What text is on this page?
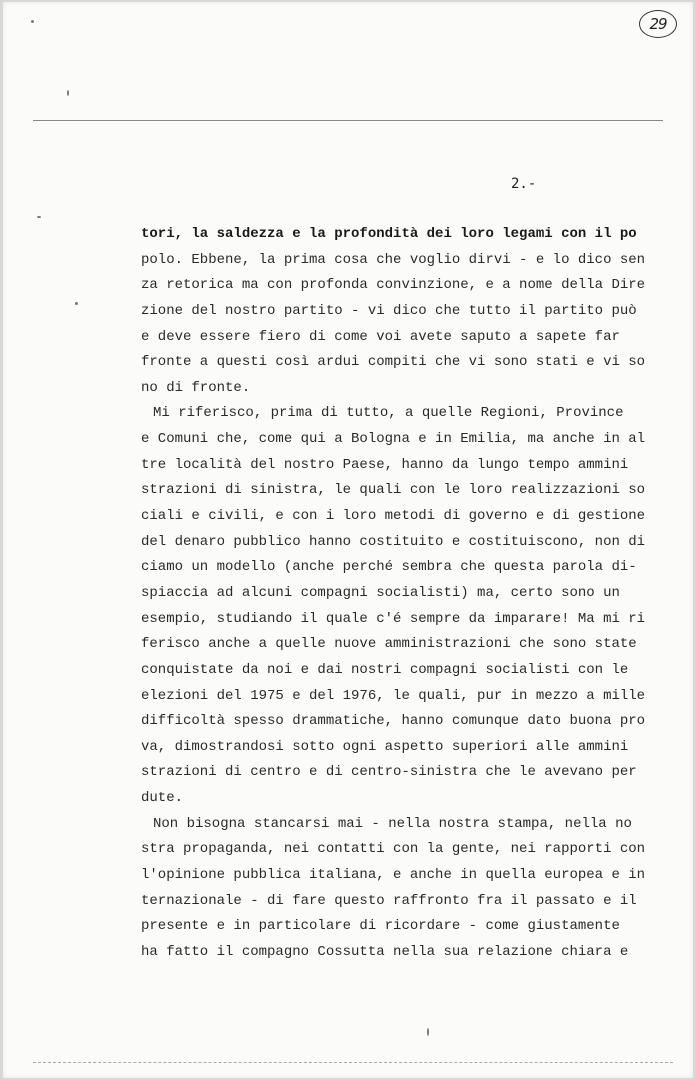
29
2.-
tori, la saldezza e la profondità dei loro legami con il po
polo. Ebbene, la prima cosa che voglio dirvi - e lo dico sen
za retorica ma con profonda convinzione, e a nome della Dire
zione del nostro partito - vi dico che tutto il partito può
e deve essere fiero di come voi avete saputo a sapete far
fronte a questi così ardui compiti che vi sono stati e vi so
no di fronte.
Mi riferisco, prima di tutto, a quelle Regioni, Province
e Comuni che, come qui a Bologna e in Emilia, ma anche in al
tre località del nostro Paese, hanno da lungo tempo ammini
strazioni di sinistra, le quali con le loro realizzazioni so
ciali e civili, e con i loro metodi di governo e di gestione
del denaro pubblico hanno costituito e costituiscono, non di
ciamo un modello (anche perché sembra che questa parola di-
spiaccia ad alcuni compagni socialisti) ma, certo sono un
esempio, studiando il quale c'é sempre da imparare! Ma mi ri
ferisco anche a quelle nuove amministrazioni che sono state
conquistate da noi e dai nostri compagni socialisti con le
elezioni del 1975 e del 1976, le quali, pur in mezzo a mille
difficoltà spesso drammatiche, hanno comunque dato buona pro
va, dimostrandosi sotto ogni aspetto superiori alle ammini
strazioni di centro e di centro-sinistra che le avevano per
dute.
Non bisogna stancarsi mai - nella nostra stampa, nella no
stra propaganda, nei contatti con la gente, nei rapporti con
l'opinione pubblica italiana, e anche in quella europea e in
ternazionale - di fare questo raffronto fra il passato e il
presente e in particolare di ricordare - come giustamente
ha fatto il compagno Cossutta nella sua relazione chiara e
